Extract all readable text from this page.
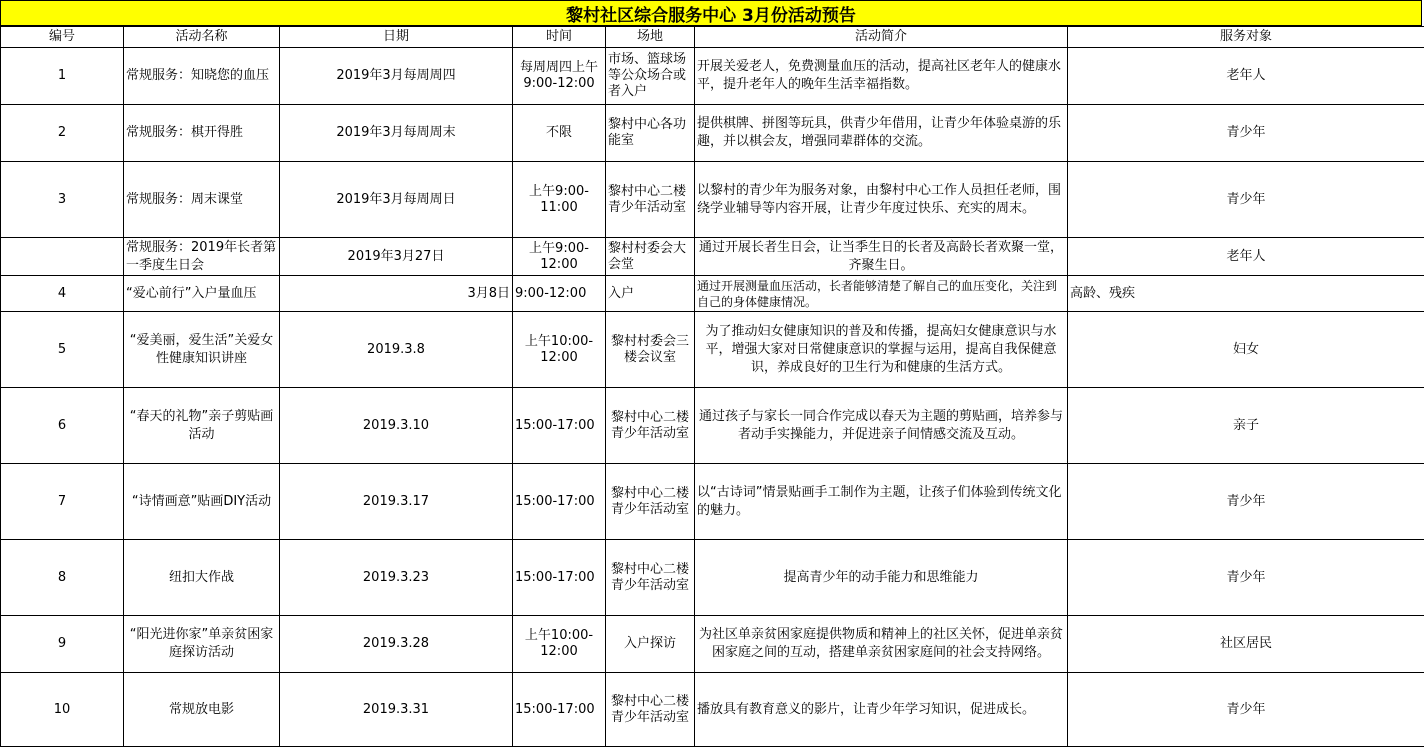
黎村社区综合服务中心 3月份活动预告
编号	活动名称	日期	时间	场地	活动简介	服务对象
1	常规服务：知晓您的血压	2019年3月每周周四	每周周四上午9:00-12:00	市场、篮球场等公众场合或者入户	开展关爱老人，免费测量血压的活动，提高社区老年人的健康水平，提升老年人的晚年生活幸福指数。	老年人
2	常规服务：棋开得胜	2019年3月每周周末	不限	黎村中心各功能室	提供棋牌、拼图等玩具，供青少年借用，让青少年体验桌游的乐趣，并以棋会友，增强同辈群体的交流。	青少年
3	常规服务：周末课堂	2019年3月每周周日	上午9:00-11:00	黎村中心二楼青少年活动室	以黎村的青少年为服务对象，由黎村中心工作人员担任老师，围绕学业辅导等内容开展，让青少年度过快乐、充实的周末。	青少年
	常规服务：2019年长者第一季度生日会	2019年3月27日	上午9:00-12:00	黎村村委会大会堂	通过开展长者生日会，让当季生日的长者及高龄长者欢聚一堂，齐聚生日。	老年人
4	“爱心前行”入户量血压	3月8日	9:00-12:00	入户	通过开展测量血压活动，长者能够清楚了解自己的血压变化，关注到自己的身体健康情况。	高龄、残疾
5	“爱美丽，爱生活”关爱女性健康知识讲座	2019.3.8	上午10:00-12:00	黎村村委会三楼会议室	为了推动妇女健康知识的普及和传播，提高妇女健康意识与水平，增强大家对日常健康意识的掌握与运用，提高自我保健意识，养成良好的卫生行为和健康的生活方式。	妇女
6	“春天的礼物”亲子剪贴画活动	2019.3.10	15:00-17:00	黎村中心二楼青少年活动室	通过孩子与家长一同合作完成以春天为主题的剪贴画，培养参与者动手实操能力，并促进亲子间情感交流及互动。	亲子
7	“诗情画意”贴画DIY活动	2019.3.17	15:00-17:00	黎村中心二楼青少年活动室	以“古诗词”情景贴画手工制作为主题，让孩子们体验到传统文化的魅力。	青少年
8	纽扣大作战	2019.3.23	15:00-17:00	黎村中心二楼青少年活动室	提高青少年的动手能力和思维能力	青少年
9	“阳光进你家”单亲贫困家庭探访活动	2019.3.28	上午10:00-12:00	入户探访	为社区单亲贫困家庭提供物质和精神上的社区关怀，促进单亲贫困家庭之间的互动，搭建单亲贫困家庭间的社会支持网络。	社区居民
10	常规放电影	2019.3.31	15:00-17:00	黎村中心二楼青少年活动室	播放具有教育意义的影片，让青少年学习知识，促进成长。	青少年
